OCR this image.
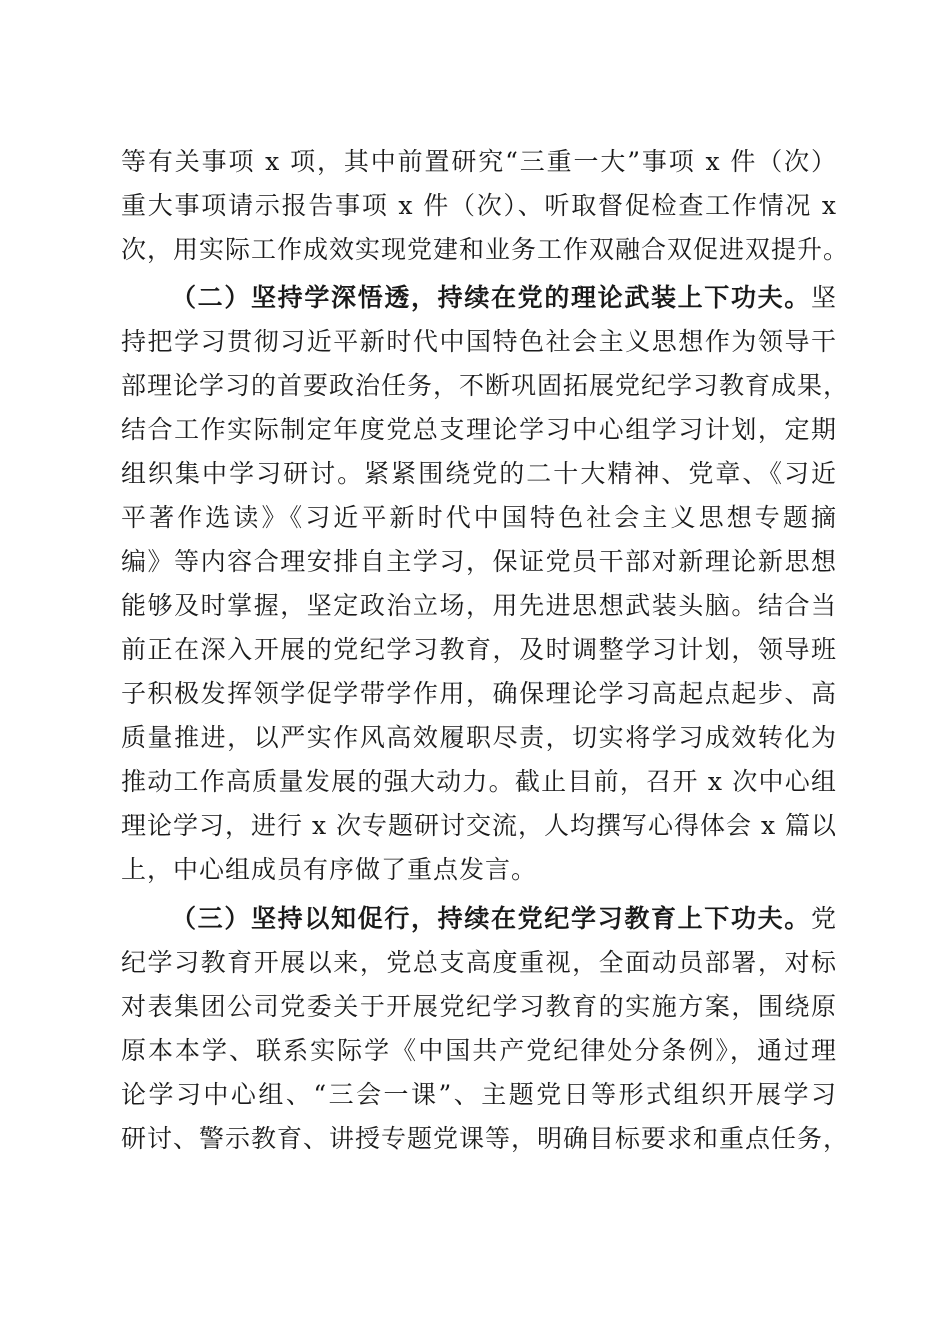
等有关事项 x 项，其中前置研究“三重一大”事项 x 件（次）
重大事项请示报告事项 x 件（次）、听取督促检查工作情况 x
次，用实际工作成效实现党建和业务工作双融合双促进双提升。
（二）坚持学深悟透，持续在党的理论武装上下功夫。坚
持把学习贯彻习近平新时代中国特色社会主义思想作为领导干
部理论学习的首要政治任务，不断巩固拓展党纪学习教育成果，
结合工作实际制定年度党总支理论学习中心组学习计划，定期
组织集中学习研讨。紧紧围绕党的二十大精神、党章、《习近
平著作选读》《习近平新时代中国特色社会主义思想专题摘
编》等内容合理安排自主学习，保证党员干部对新理论新思想
能够及时掌握，坚定政治立场，用先进思想武装头脑。结合当
前正在深入开展的党纪学习教育，及时调整学习计划，领导班
子积极发挥领学促学带学作用，确保理论学习高起点起步、高
质量推进，以严实作风高效履职尽责，切实将学习成效转化为
推动工作高质量发展的强大动力。截止目前，召开 x 次中心组
理论学习，进行 x 次专题研讨交流，人均撰写心得体会 x 篇以
上，中心组成员有序做了重点发言。
（三）坚持以知促行，持续在党纪学习教育上下功夫。党
纪学习教育开展以来，党总支高度重视，全面动员部署，对标
对表集团公司党委关于开展党纪学习教育的实施方案，围绕原
原本本学、联系实际学《中国共产党纪律处分条例》，通过理
论学习中心组、“三会一课”、主题党日等形式组织开展学习
研讨、警示教育、讲授专题党课等，明确目标要求和重点任务，
